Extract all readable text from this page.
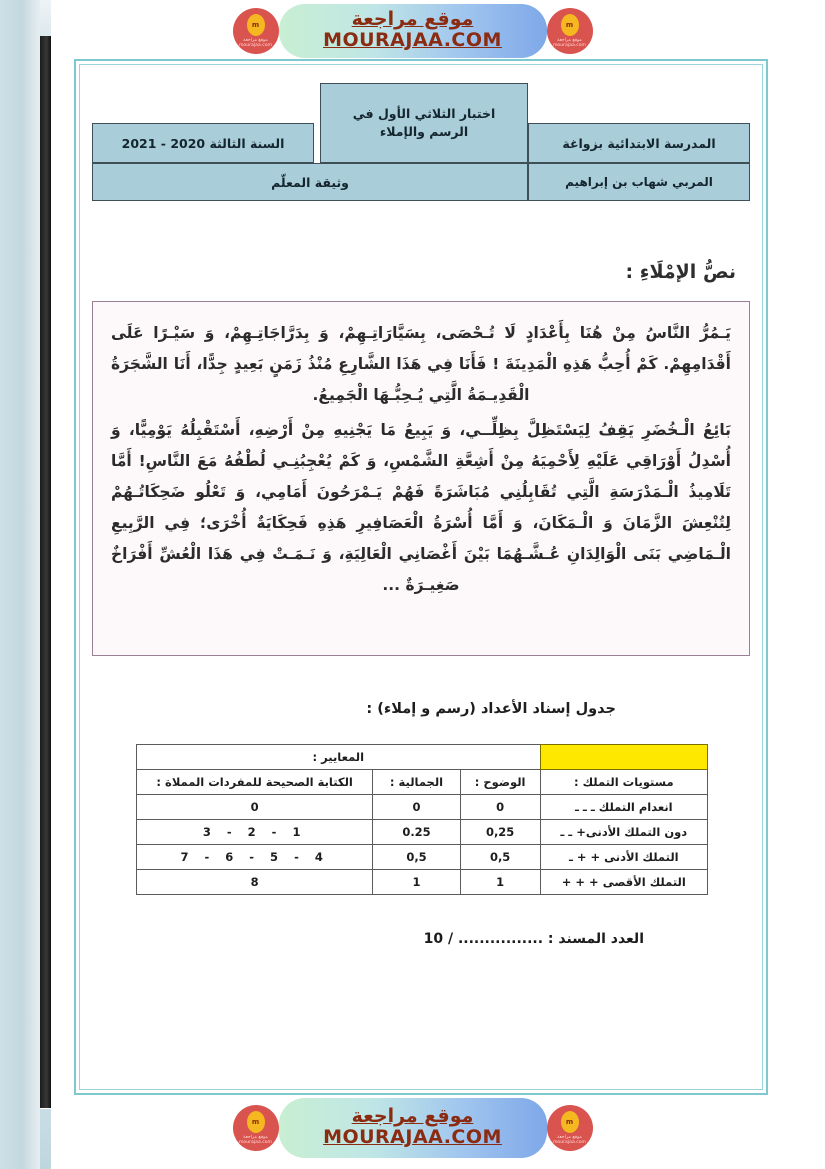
m
موقع مراجعة
mourajaa.com
موقع مراجعة
MOURAJAA.COM
m
موقع مراجعة
mourajaa.com
اختبار الثلاثي الأول في
الرسم والإملاء
المدرسة الابتدائية بزواغة
السنة الثالثة 2020 - 2021
المربي شهاب بن إبراهيم
وثيقة المعلّم
نصُّ الإمْلَاءِ :

يَـمُرُّ النَّاسُ مِنْ هُنَا بِأَعْدَادٍ لَا تُـحْصَى، بِسَيَّارَاتِـهِمْ، وَ بِدَرَّاجَاتِـهِمْ، وَ سَيْـرًا عَلَى أَقْدَامِهِمْ. كَمْ أُحِبُّ هَذِهِ الْمَدِينَةَ ! فَأَنَا فِي هَذَا الشَّارِعِ مُنْذُ زَمَنٍ بَعِيدٍ جِدًّا، أَنَا الشَّجَرَةُ الْقَدِيـمَةُ الَّتِي يُـحِبُّـهَا الْجَمِيعُ.

بَائِعُ الْـخُضَرِ يَقِفُ لِيَسْتَظِلَّ بِظِلِّــي، وَ يَبِيعُ مَا يَجْنِيهِ مِنْ أَرْضِهِ، أَسْتَقْبِلُهُ يَوْمِيًّا، وَ أُسْدِلُ أَوْرَاقِي عَلَيْهِ لِأَحْمِيَهُ مِنْ أَشِعَّةِ الشَّمْسِ، وَ كَمْ يُعْجِبُنِـي لُطْفُهُ مَعَ النَّاسِ! أَمَّا تَلَامِيذُ الْـمَدْرَسَةِ الَّتِي تُقَابِلُنِي مُبَاشَرَةً فَهُمْ يَـمْرَحُونَ أَمَامِي، وَ تَعْلُو ضَحِكَاتُـهُمْ لِتُنْعِشَ الزَّمَانَ وَ الْـمَكَانَ، وَ أَمَّا أُسْرَةُ الْعَصَافِيرِ هَذِهِ فَحِكَايَةٌ أُخْرَى؛ فِي الرَّبِيعِ الْـمَاضِي بَنَى الْوَالِدَانِ عُـشَّـهُمَا بَيْنَ أَغْصَانِي الْعَالِيَةِ، وَ نَـمَـتْ فِي هَذَا الْعُشِّ أَفْرَاخٌ صَغِيـرَةٌ ...

جدول إسناد الأعداد (رسم و إملاء) :
	المعايير :		
مستويات التملك :	الوضوح :	الجمالية :	الكتابة الصحيحة للمفردات المملاة :
انعدام التملك ـ ـ ـ	0	0	0
دون التملك الأدنى+ ـ ـ	0,25	0.25	1 - 2 - 3
التملك الأدنى + + ـ	0,5	0,5	4 - 5 - 6 - 7
التملك الأقصى + + +	1	1	8
العدد المسند : ................ / 10
m
موقع مراجعة
mourajaa.com
موقع مراجعة
MOURAJAA.COM
m
موقع مراجعة
mourajaa.com
